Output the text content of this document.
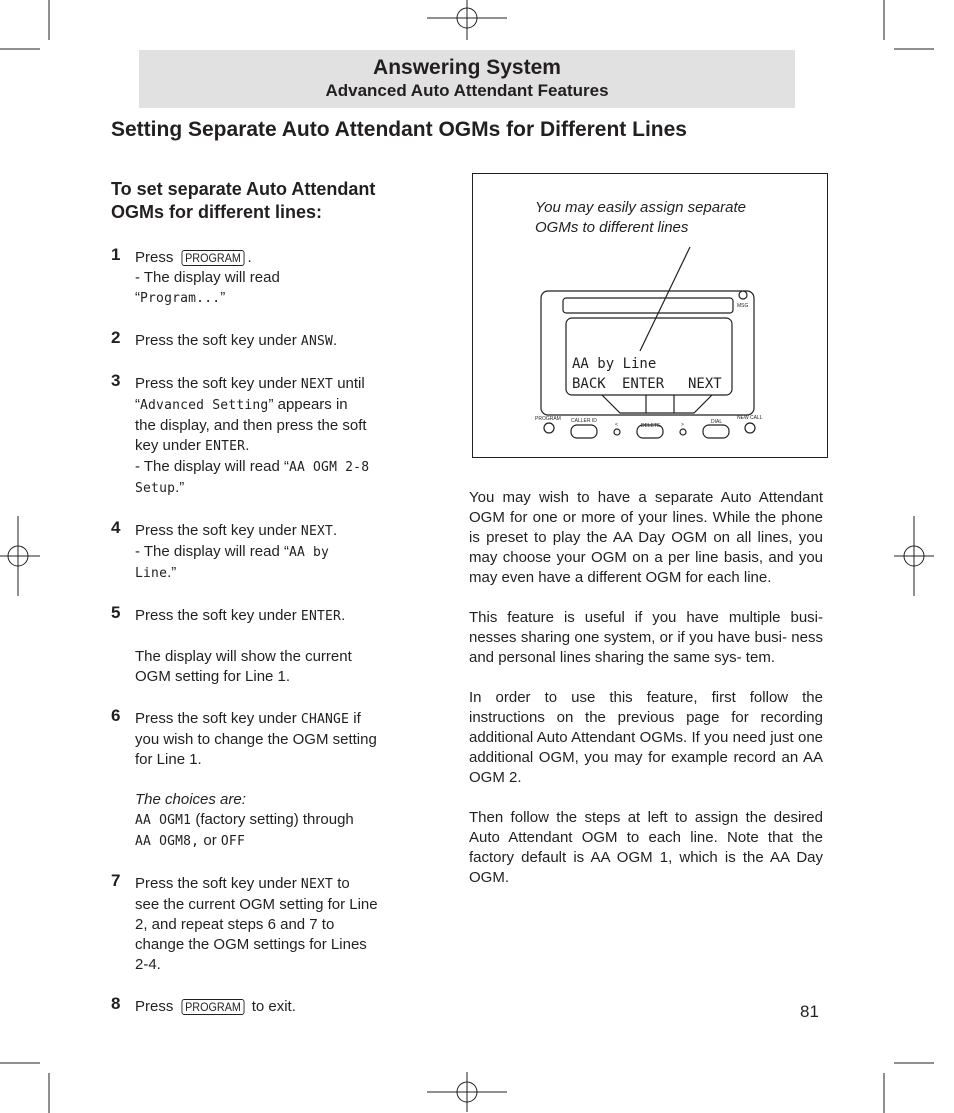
Answering System
Advanced Auto Attendant Features
Setting Separate Auto Attendant OGMs for Different Lines
To set separate Auto Attendant
OGMs for different lines:
1 Press PROGRAM .
- The display will read
“Program...”
2 Press the soft key under ANSW.
3 Press the soft key under NEXT until
“Advanced Setting” appears in
the display, and then press the soft
key under ENTER.
- The display will read “AA OGM 2-8
Setup.”
4 Press the soft key under NEXT.
- The display will read “AA by
Line.”
5 Press the soft key under ENTER.

The display will show the current
OGM setting for Line 1.
6 Press the soft key under CHANGE if
you wish to change the OGM setting
for Line 1.

The choices are:
AA OGM1 (factory setting) through
AA OGM8, or OFF
7 Press the soft key under NEXT to
see the current OGM setting for Line
2, and repeat steps 6 and 7 to
change the OGM settings for Lines
2-4.
8 Press PROGRAM to exit.
You may easily assign separate
OGMs to different lines
AA by Line
BACK ENTER NEXT
MSG
PROGRAM CALLER ID
<	DELETE	>	DIAL
NEW CALL

You may wish to have a separate Auto Attendant OGM for one or more of your lines. While the phone is preset to play the AA Day OGM on all lines, you may choose your OGM on a per line basis, and you may even have a different OGM for each line.

This feature is useful if you have multiple busi- nesses sharing one system, or if you have busi- ness and personal lines sharing the same sys- tem.

In order to use this feature, first follow the instructions on the previous page for recording additional Auto Attendant OGMs. If you need just one additional OGM, you may for example record an AA OGM 2.

Then follow the steps at left to assign the desired Auto Attendant OGM to each line. Note that the factory default is AA OGM 1, which is the AA Day OGM.

81
